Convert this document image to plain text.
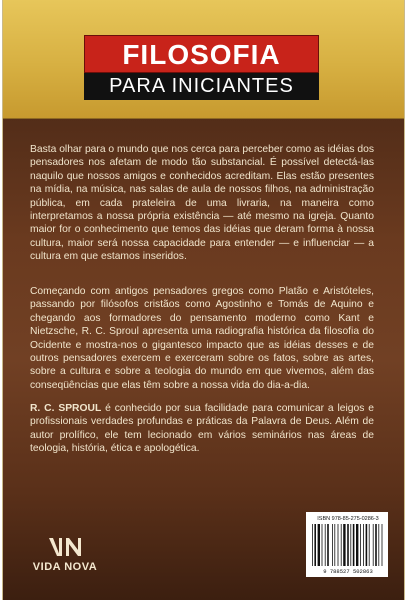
FILOSOFIA
PARA INICIANTES
Basta olhar para o mundo que nos cerca para perceber como as idéias dos pensadores nos afetam de modo tão substancial. É possível detectá-las naquilo que nossos amigos e conhecidos acreditam. Elas estão presentes na mídia, na música, nas salas de aula de nossos filhos, na administração pública, em cada prateleira de uma livraria, na maneira como interpretamos a nossa própria existência — até mesmo na igreja. Quanto maior for o conhecimento que temos das idéias que deram forma à nossa cultura, maior será nossa capacidade para entender — e influenciar — a cultura em que estamos inseridos.
Começando com antigos pensadores gregos como Platão e Aristóteles, passando por filósofos cristãos como Agostinho e Tomás de Aquino e chegando aos formadores do pensamento moderno como Kant e Nietzsche, R. C. Sproul apresenta uma radiografia histórica da filosofia do Ocidente e mostra-nos o gigantesco impacto que as idéias desses e de outros pensadores exercem e exerceram sobre os fatos, sobre as artes, sobre a cultura e sobre a teologia do mundo em que vivemos, além das conseqüências que elas têm sobre a nossa vida do dia-a-dia.
R. C. SPROUL é conhecido por sua facilidade para comunicar a leigos e profissionais verdades profundas e práticas da Palavra de Deus. Além de autor prolífico, ele tem lecionado em vários seminários nas áreas de teologia, história, ética e apologética.
VIDA NOVA
ISBN 978-85-275-0286-3
9 788527 502863
